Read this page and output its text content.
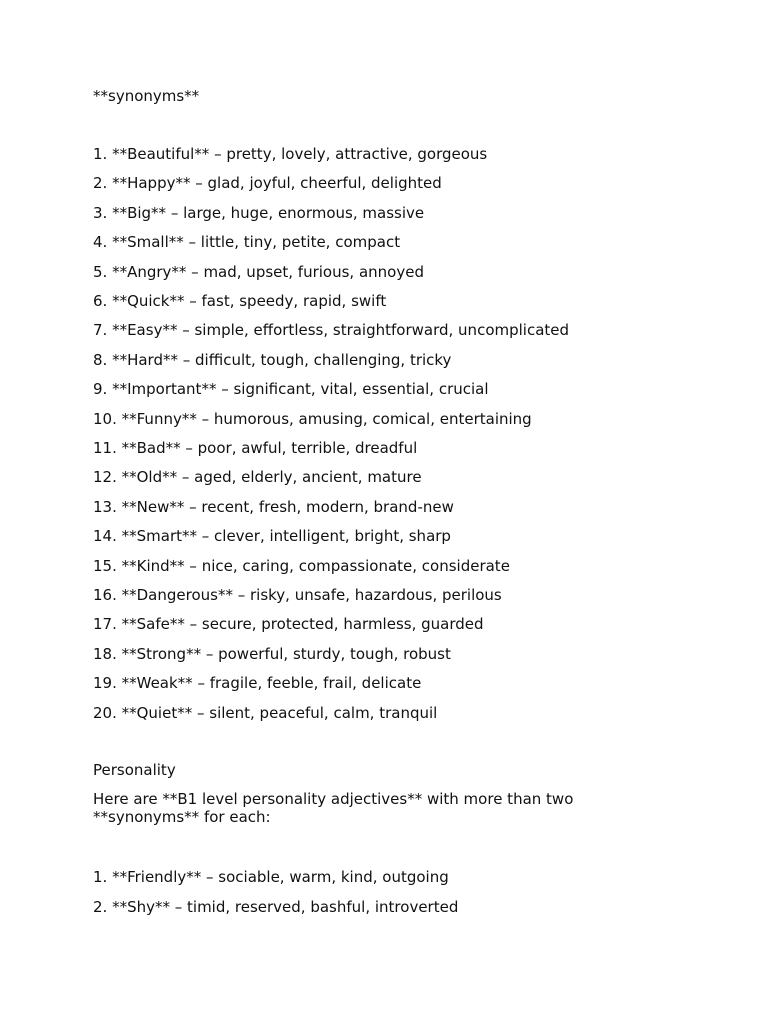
**synonyms**
1. **Beautiful** – pretty, lovely, attractive, gorgeous
2. **Happy** – glad, joyful, cheerful, delighted
3. **Big** – large, huge, enormous, massive
4. **Small** – little, tiny, petite, compact
5. **Angry** – mad, upset, furious, annoyed
6. **Quick** – fast, speedy, rapid, swift
7. **Easy** – simple, effortless, straightforward, uncomplicated
8. **Hard** – difficult, tough, challenging, tricky
9. **Important** – significant, vital, essential, crucial
10. **Funny** – humorous, amusing, comical, entertaining
11. **Bad** – poor, awful, terrible, dreadful
12. **Old** – aged, elderly, ancient, mature
13. **New** – recent, fresh, modern, brand-new
14. **Smart** – clever, intelligent, bright, sharp
15. **Kind** – nice, caring, compassionate, considerate
16. **Dangerous** – risky, unsafe, hazardous, perilous
17. **Safe** – secure, protected, harmless, guarded
18. **Strong** – powerful, sturdy, tough, robust
19. **Weak** – fragile, feeble, frail, delicate
20. **Quiet** – silent, peaceful, calm, tranquil
Personality
Here are **B1 level personality adjectives** with more than two **synonyms** for each:
1. **Friendly** – sociable, warm, kind, outgoing
2. **Shy** – timid, reserved, bashful, introverted
